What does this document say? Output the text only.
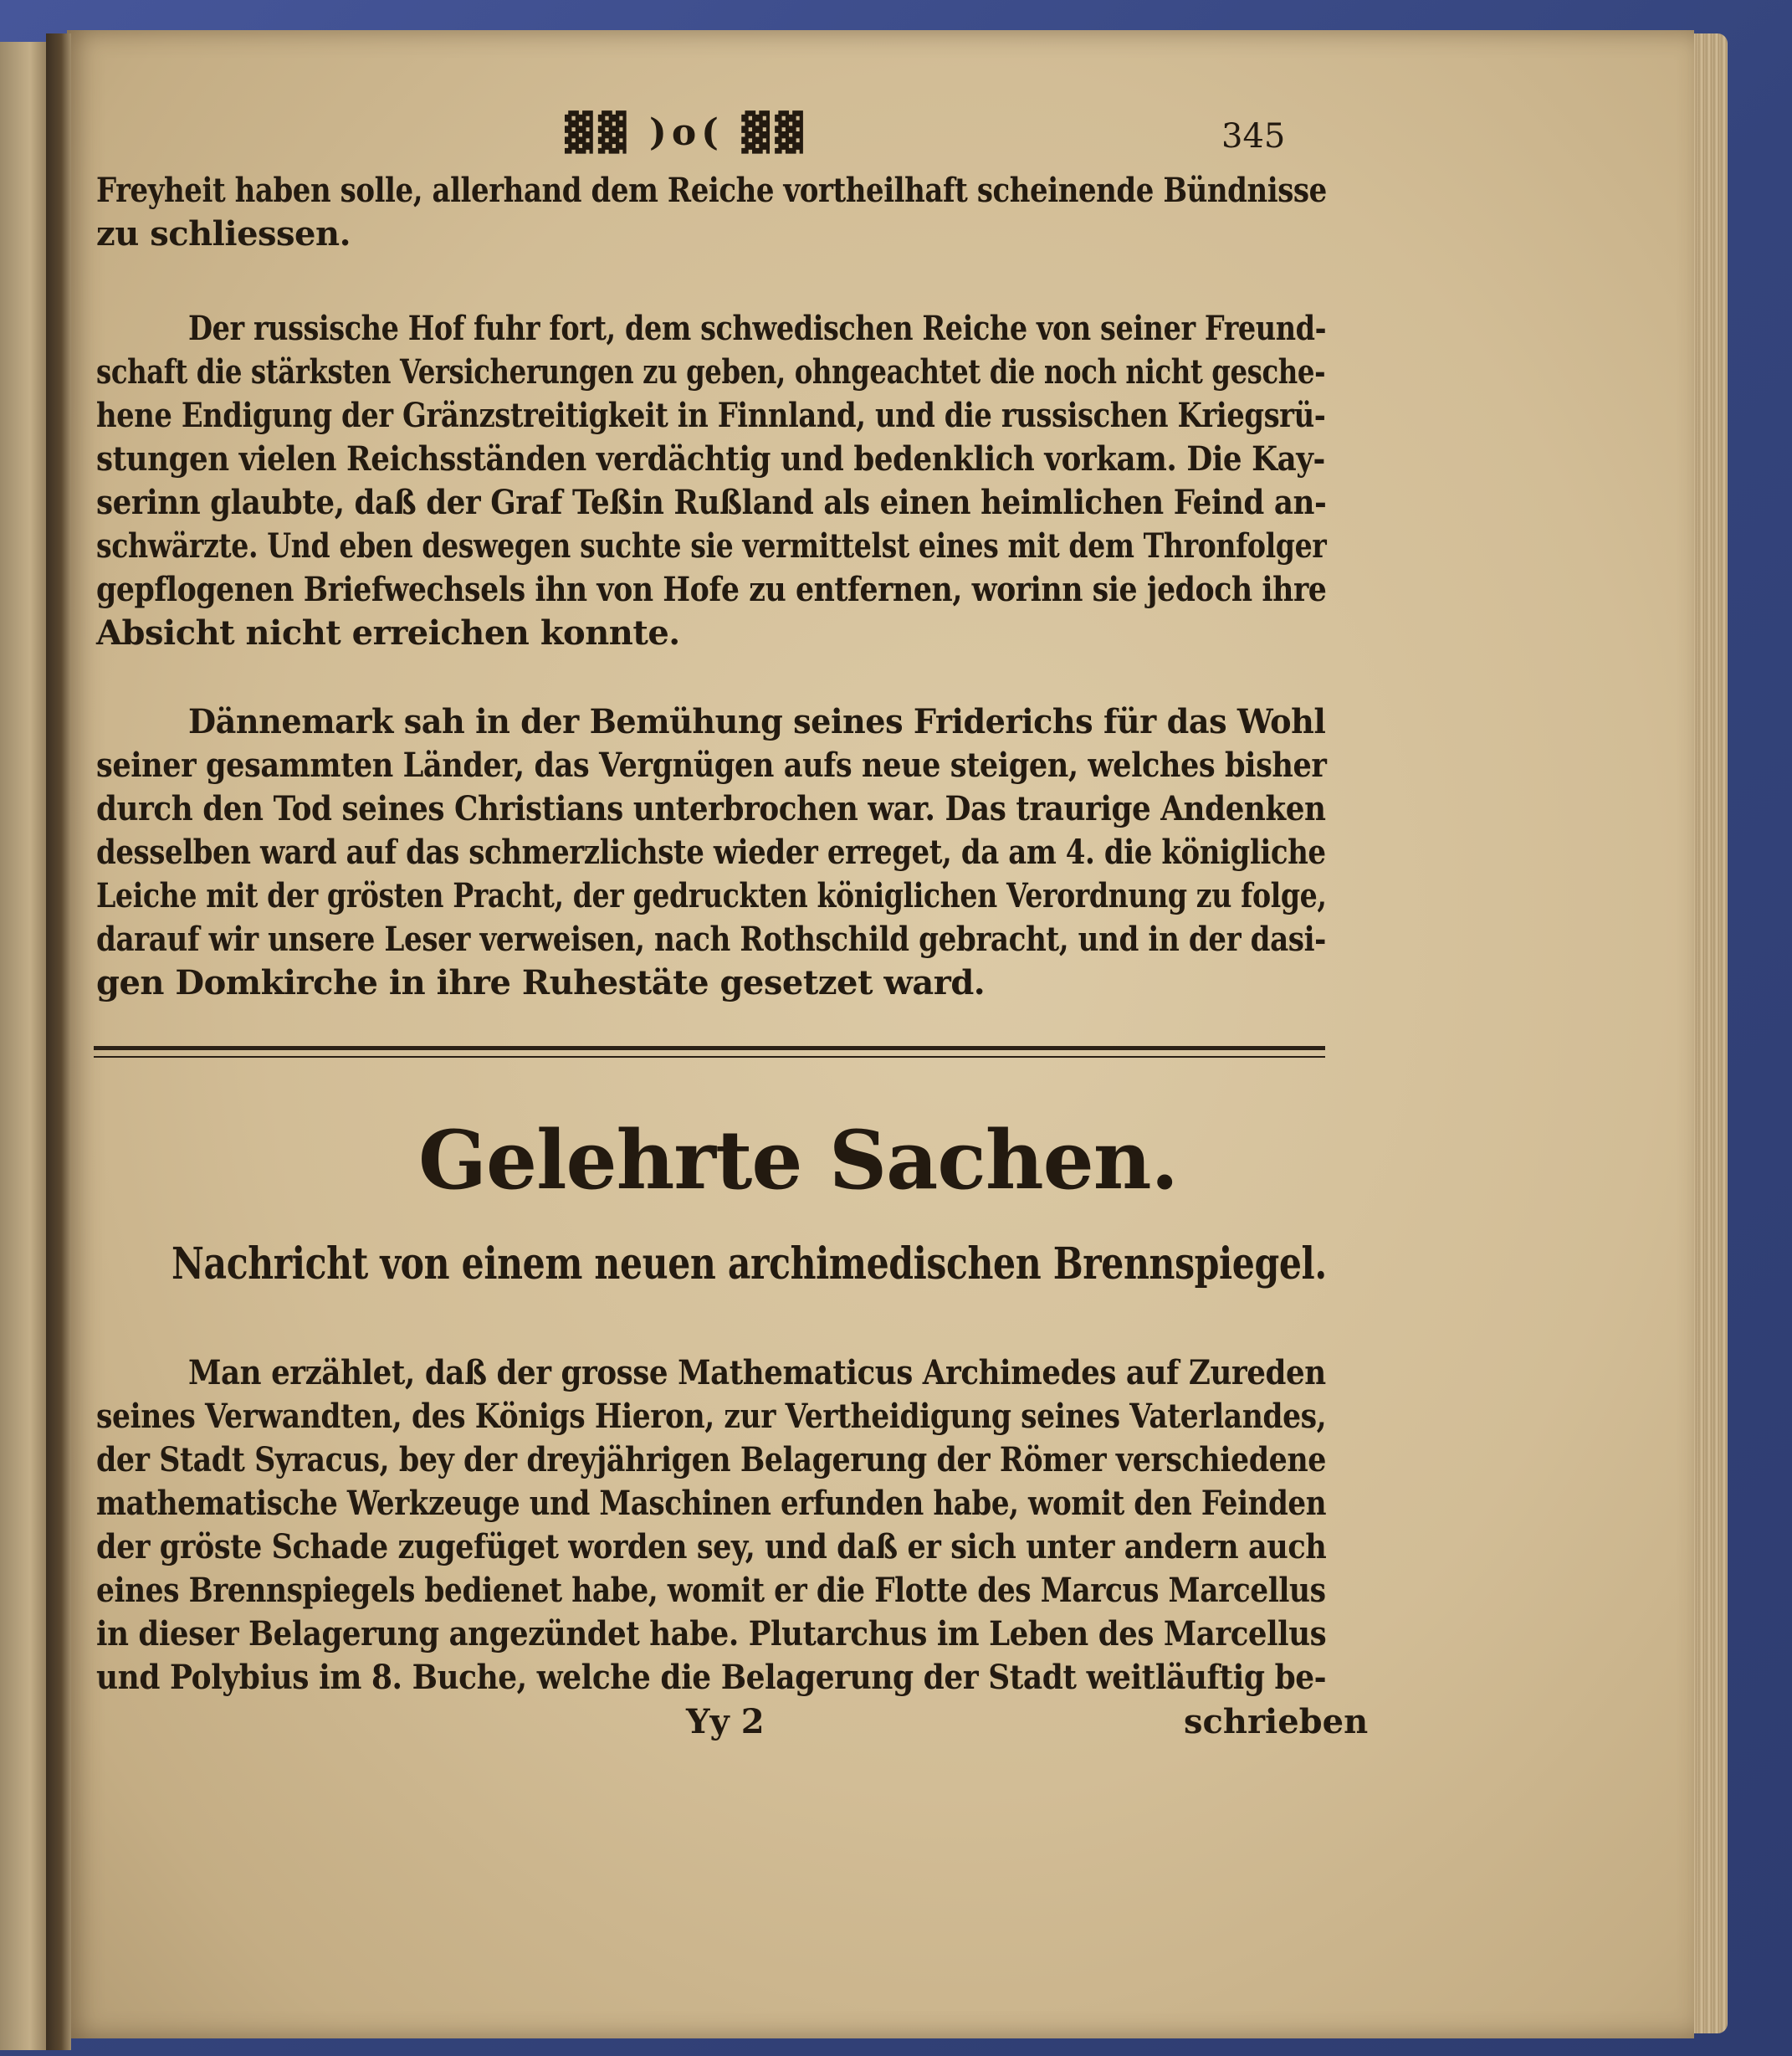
▓▓ )o( ▓▓	345
Freyheit haben solle, allerhand dem Reiche vortheilhaft scheinende Bündnisse
zu schliessen.
Der russische Hof fuhr fort, dem schwedischen Reiche von seiner Freund-
schaft die stärksten Versicherungen zu geben, ohngeachtet die noch nicht gesche-
hene Endigung der Gränzstreitigkeit in Finnland, und die russischen Kriegsrü-
stungen vielen Reichsständen verdächtig und bedenklich vorkam. Die Kay-
serinn glaubte, daß der Graf Teßin Rußland als einen heimlichen Feind an-
schwärzte. Und eben deswegen suchte sie vermittelst eines mit dem Thronfolger
gepflogenen Briefwechsels ihn von Hofe zu entfernen, worinn sie jedoch ihre
Absicht nicht erreichen konnte.
Dännemark sah in der Bemühung seines Friderichs für das Wohl
seiner gesammten Länder, das Vergnügen aufs neue steigen, welches bisher
durch den Tod seines Christians unterbrochen war. Das traurige Andenken
desselben ward auf das schmerzlichste wieder erreget, da am 4. die königliche
Leiche mit der grösten Pracht, der gedruckten königlichen Verordnung zu folge,
darauf wir unsere Leser verweisen, nach Rothschild gebracht, und in der dasi-
gen Domkirche in ihre Ruhestäte gesetzet ward.
Gelehrte Sachen.
Nachricht von einem neuen archimedischen Brennspiegel.
Man erzählet, daß der grosse Mathematicus Archimedes auf Zureden
seines Verwandten, des Königs Hieron, zur Vertheidigung seines Vaterlandes,
der Stadt Syracus, bey der dreyjährigen Belagerung der Römer verschiedene
mathematische Werkzeuge und Maschinen erfunden habe, womit den Feinden
der gröste Schade zugefüget worden sey, und daß er sich unter andern auch
eines Brennspiegels bedienet habe, womit er die Flotte des Marcus Marcellus
in dieser Belagerung angezündet habe. Plutarchus im Leben des Marcellus
und Polybius im 8. Buche, welche die Belagerung der Stadt weitläuftig be-
Yy 2	schrieben
